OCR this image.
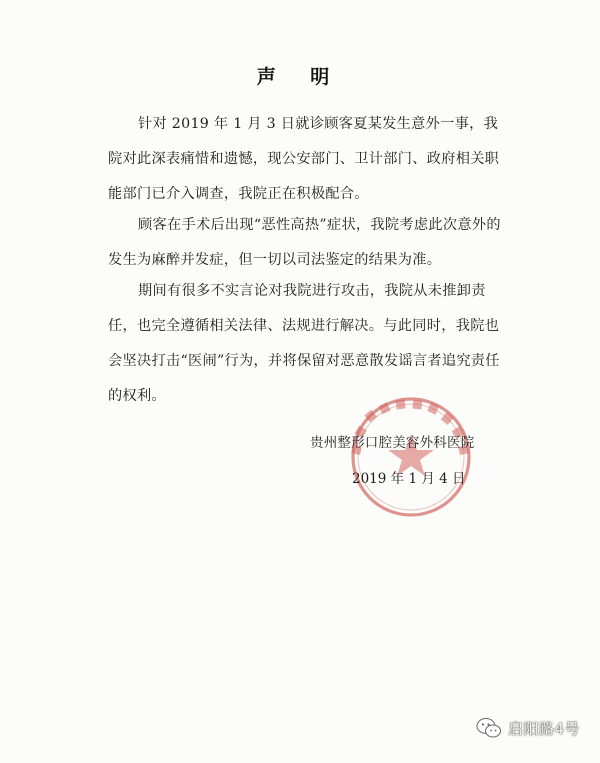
声 明

针对 2019 年 1 月 3 日就诊顾客夏某发生意外一事，我院对此深表痛惜和遗憾，现公安部门、卫计部门、政府相关职能部门已介入调查，我院正在积极配合。

顾客在手术后出现“恶性高热”症状，我院考虑此次意外的发生为麻醉并发症，但一切以司法鉴定的结果为准。

期间有很多不实言论对我院进行攻击，我院从未推卸责任，也完全遵循相关法律、法规进行解决。与此同时，我院也会坚决打击“医闹”行为，并将保留对恶意散发谣言者追究责任的权利。

贵州整形口腔美容外科医院
2019 年 1 月 4 日
启阳路4号
